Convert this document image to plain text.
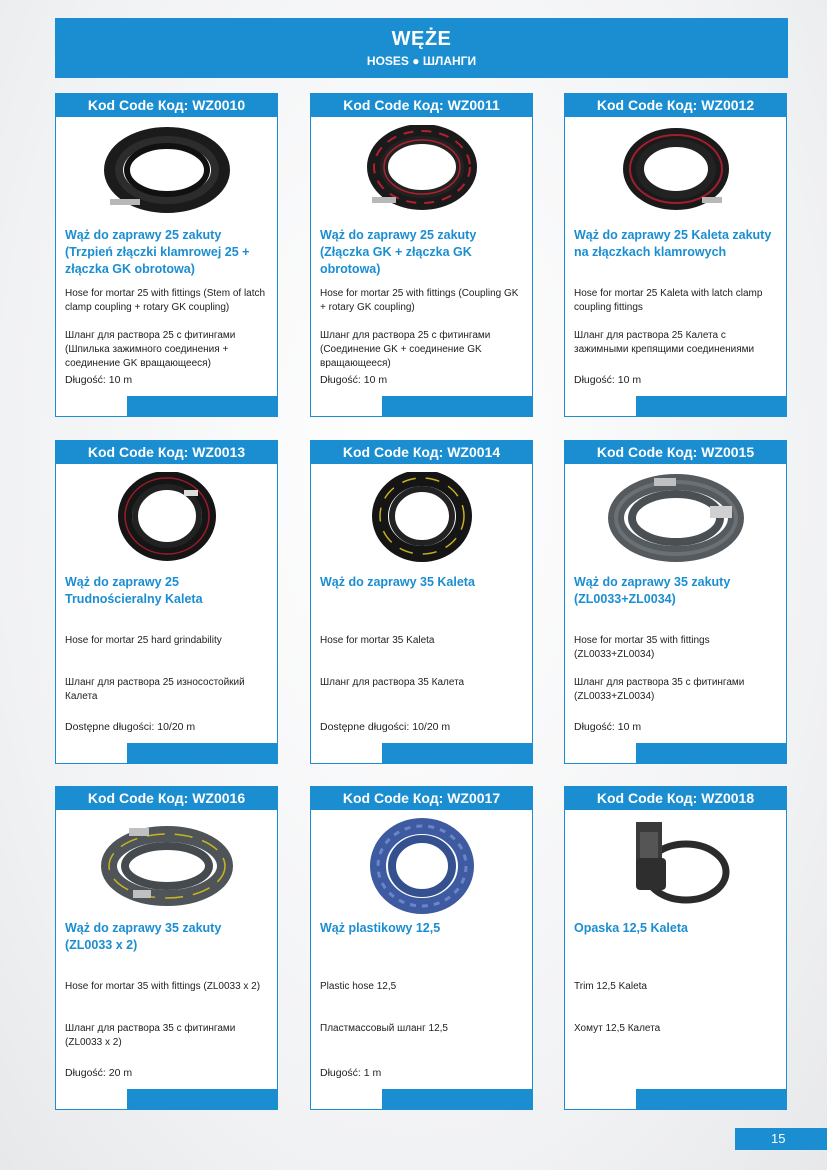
WĘŻE
HOSES ● ШЛАНГИ
Kod Code Код: WZ0010
Wąż do zaprawy 25 zakuty (Trzpień złączki klamrowej 25 + złączka GK obrotowa)
Hose for mortar 25 with fittings (Stem of latch clamp coupling + rotary GK coupling)
Шланг для раствора 25 с фитингами (Шпилька зажимного соединения + соединение GK вращающееся)
Długość: 10 m
Kod Code Код: WZ0011
Wąż do zaprawy 25 zakuty (Złączka GK + złączka GK obrotowa)
Hose for mortar 25 with fittings (Coupling GK + rotary GK coupling)
Шланг для раствора 25 с фитингами (Соединение GK + соединение GK вращающееся)
Długość: 10 m
Kod Code Код: WZ0012
Wąż do zaprawy 25 Kaleta zakuty na złączkach klamrowych
Hose for mortar 25 Kaleta with latch clamp coupling fittings
Шланг для раствора 25 Калета с зажимными крепящими соединениями
Długość: 10 m
Kod Code Код: WZ0013
Wąż do zaprawy 25 Trudnościeralny Kaleta
Hose for mortar 25 hard grindability
Шланг для раствора 25 износостойкий Калета
Dostępne długości: 10/20 m
Kod Code Код: WZ0014
Wąż do zaprawy 35 Kaleta
Hose for mortar 35 Kaleta
Шланг для раствора 35 Калета
Dostępne długości: 10/20 m
Kod Code Код: WZ0015
Wąż do zaprawy 35 zakuty (ZL0033+ZL0034)
Hose for mortar 35 with fittings (ZL0033+ZL0034)
Шланг для раствора 35 с фитингами (ZL0033+ZL0034)
Długość: 10 m
Kod Code Код: WZ0016
Wąż do zaprawy 35 zakuty (ZL0033 x 2)
Hose for mortar 35 with fittings (ZL0033 x 2)
Шланг для раствора 35 с фитингами (ZL0033 x 2)
Długość: 20 m
Kod Code Код: WZ0017
Wąż plastikowy 12,5
Plastic hose 12,5
Пластмассовый шланг 12,5
Długość: 1 m
Kod Code Код: WZ0018
Opaska 12,5 Kaleta
Trim 12,5 Kaleta
Хомут 12,5 Калета
15
